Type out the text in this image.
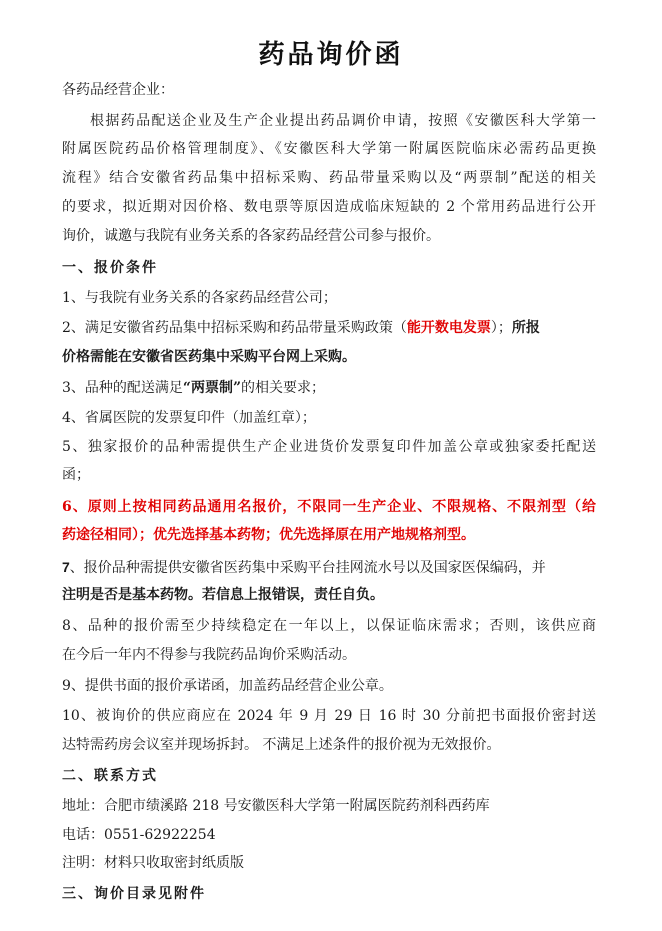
药品询价函
各药品经营企业：
根据药品配送企业及生产企业提出药品调价申请，按照《安徽医科大学第一
附属医院药品价格管理制度》、《安徽医科大学第一附属医院临床必需药品更换
流程》结合安徽省药品集中招标采购、药品带量采购以及“两票制”配送的相关
的要求，拟近期对因价格、数电票等原因造成临床短缺的 2 个常用药品进行公开
询价，诚邀与我院有业务关系的各家药品经营公司参与报价。
一、报价条件
1、与我院有业务关系的各家药品经营公司；
2、满足安徽省药品集中招标采购和药品带量采购政策（能开数电发票）；所报
价格需能在安徽省医药集中采购平台网上采购。
3、品种的配送满足“两票制”的相关要求；
4、省属医院的发票复印件（加盖红章）；
5、独家报价的品种需提供生产企业进货价发票复印件加盖公章或独家委托配送
函；
6、原则上按相同药品通用名报价，不限同一生产企业、不限规格、不限剂型（给
药途径相同）；优先选择基本药物；优先选择原在用产地规格剂型。
7、报价品种需提供安徽省医药集中采购平台挂网流水号以及国家医保编码，并
注明是否是基本药物。若信息上报错误，责任自负。
8、品种的报价需至少持续稳定在一年以上，以保证临床需求；否则，该供应商
在今后一年内不得参与我院药品询价采购活动。
9、提供书面的报价承诺函，加盖药品经营企业公章。
10、被询价的供应商应在 2024 年 9 月 29 日 16 时 30 分前把书面报价密封送
达特需药房会议室并现场拆封。 不满足上述条件的报价视为无效报价。
二、联系方式
地址：合肥市绩溪路 218 号安徽医科大学第一附属医院药剂科西药库
电话：0551-62922254
注明：材料只收取密封纸质版
三、询价目录见附件
